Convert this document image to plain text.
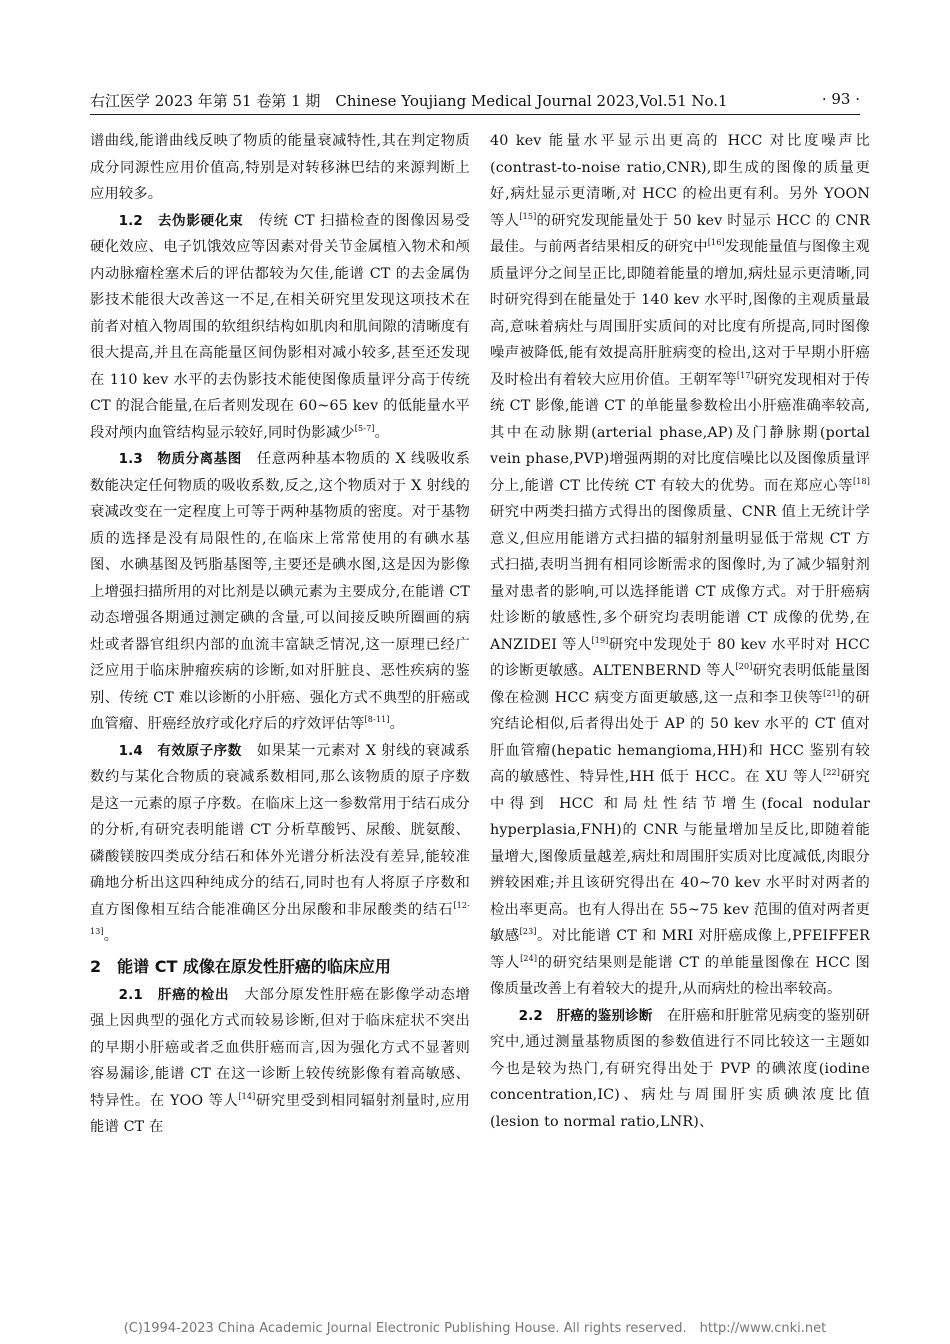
右江医学 2023 年第 51 卷第 1 期　Chinese Youjiang Medical Journal 2023,Vol.51 No.1	· 93 ·

谱曲线,能谱曲线反映了物质的能量衰减特性,其在判定物质成分同源性应用价值高,特别是对转移淋巴结的来源判断上应用较多。

1.2　去伪影硬化束　 传统 CT 扫描检查的图像因易受硬化效应、电子饥饿效应等因素对骨关节金属植入物术和颅内动脉瘤栓塞术后的评估都较为欠佳,能谱 CT 的去金属伪影技术能很大改善这一不足,在相关研究里发现这项技术在前者对植入物周围的软组织结构如肌肉和肌间隙的清晰度有很大提高,并且在高能量区间伪影相对减小较多,甚至还发现在 110 kev 水平的去伪影技术能使图像质量评分高于传统 CT 的混合能量,在后者则发现在 60~65 kev 的低能量水平段对颅内血管结构显示较好,同时伪影减少[5-7]。

1.3　物质分离基图　 任意两种基本物质的 X 线吸收系数能决定任何物质的吸收系数,反之,这个物质对于 X 射线的衰减改变在一定程度上可等于两种基物质的密度。对于基物质的选择是没有局限性的,在临床上常常使用的有碘水基图、水碘基图及钙脂基图等,主要还是碘水图,这是因为影像上增强扫描所用的对比剂是以碘元素为主要成分,在能谱 CT 动态增强各期通过测定碘的含量,可以间接反映所圈画的病灶或者器官组织内部的血流丰富缺乏情况,这一原理已经广泛应用于临床肿瘤疾病的诊断,如对肝脏良、恶性疾病的鉴别、传统 CT 难以诊断的小肝癌、强化方式不典型的肝癌或血管瘤、肝癌经放疗或化疗后的疗效评估等[8-11]。

1.4　有效原子序数　 如果某一元素对 X 射线的衰减系数约与某化合物质的衰减系数相同,那么该物质的原子序数是这一元素的原子序数。在临床上这一参数常用于结石成分的分析,有研究表明能谱 CT 分析草酸钙、尿酸、胱氨酸、磷酸镁胺四类成分结石和体外光谱分析法没有差异,能较准确地分析出这四种纯成分的结石,同时也有人将原子序数和直方图像相互结合能准确区分出尿酸和非尿酸类的结石[12-13]。

2　能谱 CT 成像在原发性肝癌的临床应用

2.1　肝癌的检出　 大部分原发性肝癌在影像学动态增强上因典型的强化方式而较易诊断,但对于临床症状不突出的早期小肝癌或者乏血供肝癌而言,因为强化方式不显著则容易漏诊,能谱 CT 在这一诊断上较传统影像有着高敏感、特异性。在 YOO 等人[14]研究里受到相同辐射剂量时,应用能谱 CT 在

40 kev 能量水平显示出更高的 HCC 对比度噪声比(contrast-to-noise ratio,CNR),即生成的图像的质量更好,病灶显示更清晰,对 HCC 的检出更有利。另外 YOON 等人[15]的研究发现能量处于 50 kev 时显示 HCC 的 CNR 最佳。与前两者结果相反的研究中[16]发现能量值与图像主观质量评分之间呈正比,即随着能量的增加,病灶显示更清晰,同时研究得到在能量处于 140 kev 水平时,图像的主观质量最高,意味着病灶与周围肝实质间的对比度有所提高,同时图像噪声被降低,能有效提高肝脏病变的检出,这对于早期小肝癌及时检出有着较大应用价值。王朝军等[17]研究发现相对于传统 CT 影像,能谱 CT 的单能量参数检出小肝癌准确率较高,其中在动脉期(arterial phase,AP)及门静脉期(portal vein phase,PVP)增强两期的对比度信噪比以及图像质量评分上,能谱 CT 比传统 CT 有较大的优势。而在郑应心等[18]研究中两类扫描方式得出的图像质量、CNR 值上无统计学意义,但应用能谱方式扫描的辐射剂量明显低于常规 CT 方式扫描,表明当拥有相同诊断需求的图像时,为了减少辐射剂量对患者的影响,可以选择能谱 CT 成像方式。对于肝癌病灶诊断的敏感性,多个研究均表明能谱 CT 成像的优势,在 ANZIDEI 等人[19]研究中发现处于 80 kev 水平时对 HCC 的诊断更敏感。ALTENBERND 等人[20]研究表明低能量图像在检测 HCC 病变方面更敏感,这一点和李卫侠等[21]的研究结论相似,后者得出处于 AP 的 50 kev 水平的 CT 值对肝血管瘤(hepatic hemangioma,HH)和 HCC 鉴别有较高的敏感性、特异性,HH 低于 HCC。在 XU 等人[22]研究中得到 HCC 和局灶性结节增生(focal nodular hyperplasia,FNH)的 CNR 与能量增加呈反比,即随着能量增大,图像质量越差,病灶和周围肝实质对比度减低,肉眼分辨较困难;并且该研究得出在 40~70 kev 水平时对两者的检出率更高。也有人得出在 55~75 kev 范围的值对两者更敏感[23]。对比能谱 CT 和 MRI 对肝癌成像上,PFEIFFER 等人[24]的研究结果则是能谱 CT 的单能量图像在 HCC 图像质量改善上有着较大的提升,从而病灶的检出率较高。

2.2　肝癌的鉴别诊断　 在肝癌和肝脏常见病变的鉴别研究中,通过测量基物质图的参数值进行不同比较这一主题如今也是较为热门,有研究得出处于 PVP 的碘浓度(iodine concentration,IC)、病灶与周围肝实质碘浓度比值(lesion to normal ratio,LNR)、

(C)1994-2023 China Academic Journal Electronic Publishing House. All rights reserved.　http://www.cnki.net
